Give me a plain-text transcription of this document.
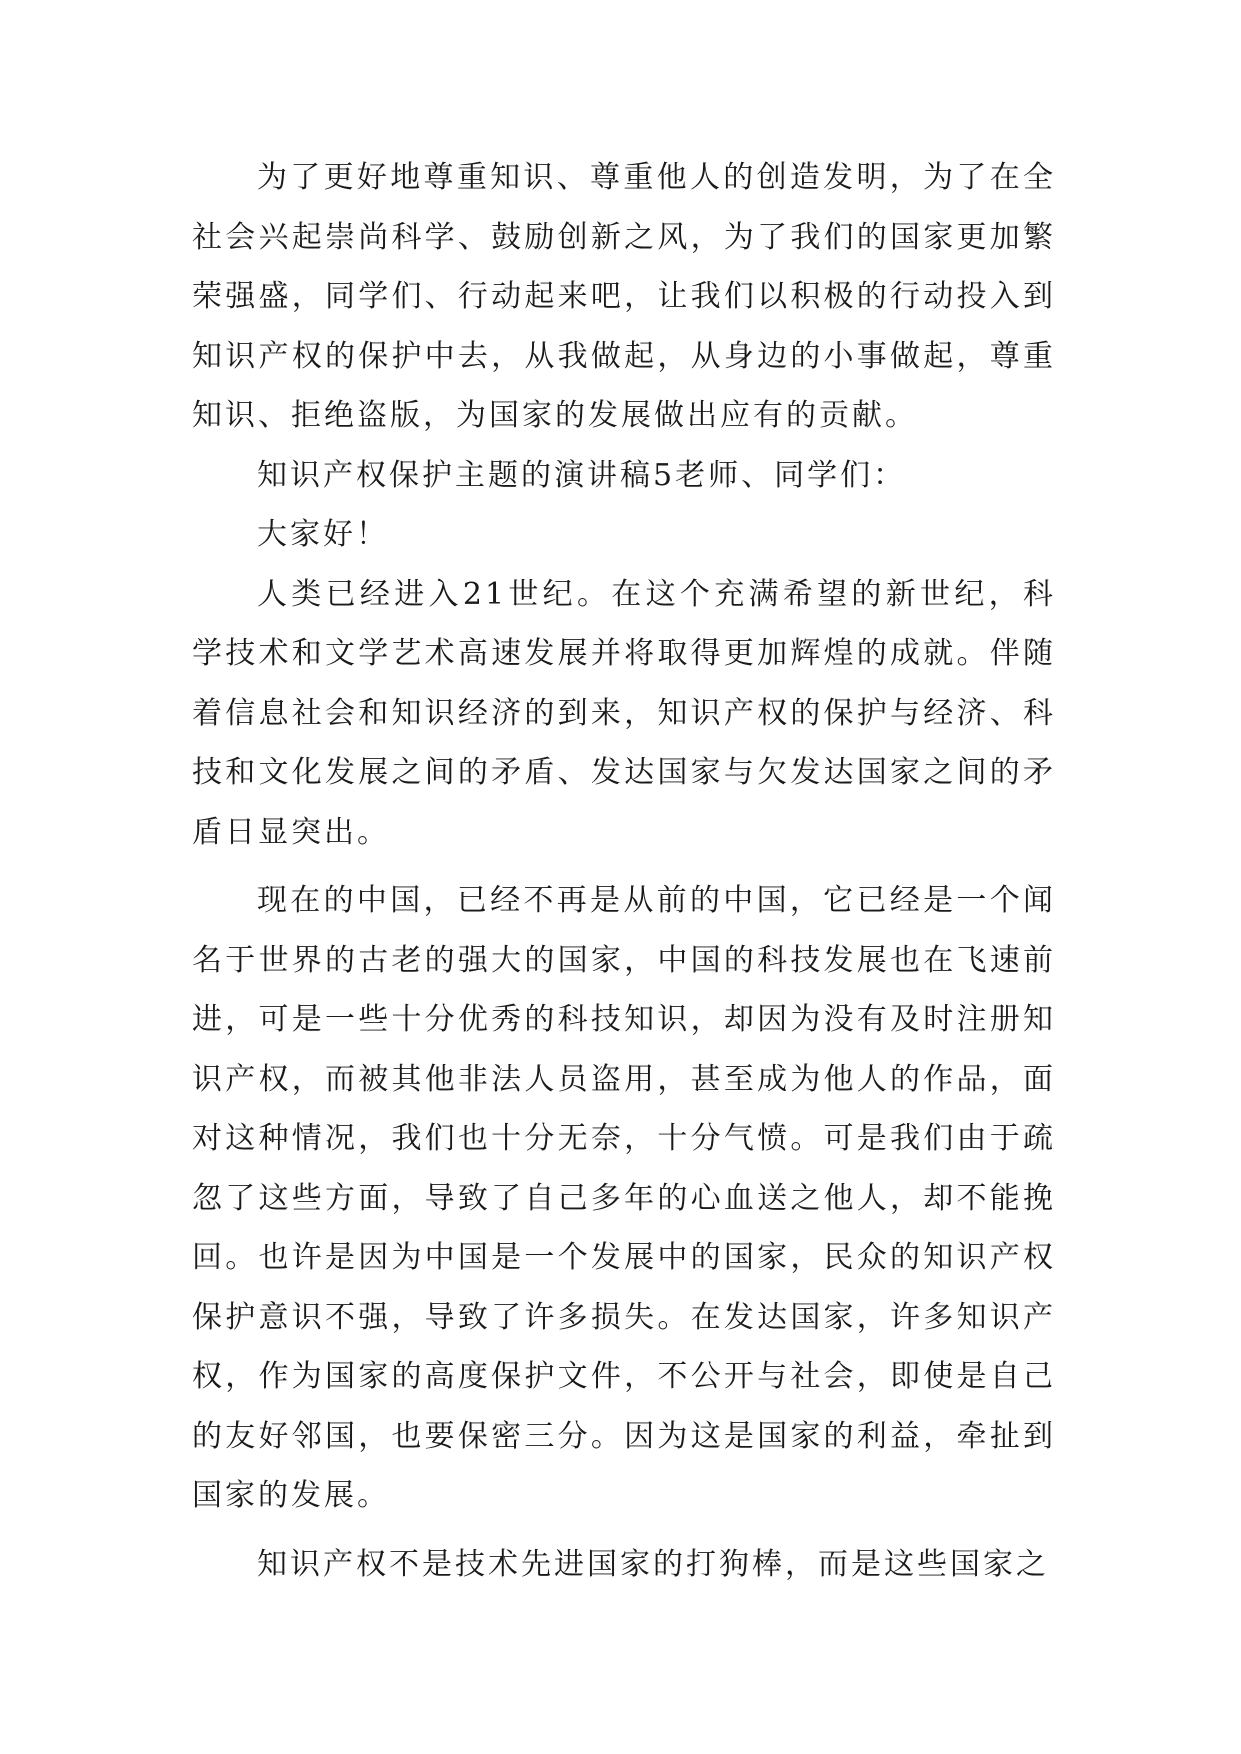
为了更好地尊重知识、尊重他人的创造发明，为了在全社会兴起崇尚科学、鼓励创新之风，为了我们的国家更加繁荣强盛，同学们、行动起来吧，让我们以积极的行动投入到知识产权的保护中去，从我做起，从身边的小事做起，尊重知识、拒绝盗版，为国家的发展做出应有的贡献。

知识产权保护主题的演讲稿5老师、同学们：

大家好！

人类已经进入21世纪。在这个充满希望的新世纪，科学技术和文学艺术高速发展并将取得更加辉煌的成就。伴随着信息社会和知识经济的到来，知识产权的保护与经济、科技和文化发展之间的矛盾、发达国家与欠发达国家之间的矛盾日显突出。

现在的中国，已经不再是从前的中国，它已经是一个闻名于世界的古老的强大的国家，中国的科技发展也在飞速前进，可是一些十分优秀的科技知识，却因为没有及时注册知识产权，而被其他非法人员盗用，甚至成为他人的作品，面对这种情况，我们也十分无奈，十分气愤。可是我们由于疏忽了这些方面，导致了自己多年的心血送之他人，却不能挽回。也许是因为中国是一个发展中的国家，民众的知识产权保护意识不强，导致了许多损失。在发达国家，许多知识产权，作为国家的高度保护文件，不公开与社会，即使是自己的友好邻国，也要保密三分。因为这是国家的利益，牵扯到国家的发展。

知识产权不是技术先进国家的打狗棒，而是这些国家之
